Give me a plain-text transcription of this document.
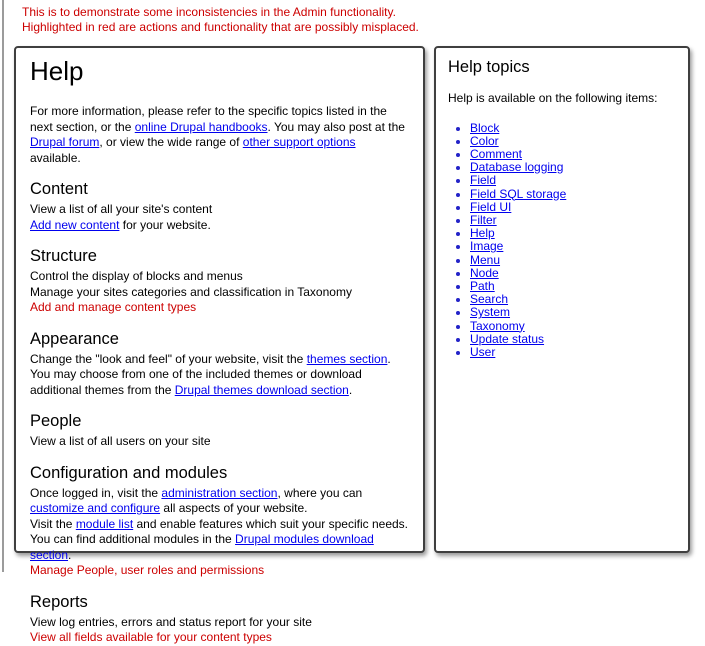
This is to demonstrate some inconsistencies in the Admin functionality.
Highlighted in red are actions and functionality that are possibly misplaced.
Help

For more information, please refer to the specific topics listed in the next section, or the online Drupal handbooks. You may also post at the Drupal forum, or view the wide range of other support options available.

Content
View a list of all your site's content
Add new content for your website.
Structure
Control the display of blocks and menus
Manage your sites categories and classification in Taxonomy
Add and manage content types
Appearance
Change the "look and feel" of your website, visit the themes section.
You may choose from one of the included themes or download additional themes from the Drupal themes download section.
People
View a list of all users on your site
Configuration and modules
Once logged in, visit the administration section, where you can customize and configure all aspects of your website.
Visit the module list and enable features which suit your specific needs. You can find additional modules in the Drupal modules download section.
Manage People, user roles and permissions
Reports
View log entries, errors and status report for your site
View all fields available for your content types
Help topics
Help is available on the following items:
Block
Color
Comment
Database logging
Field
Field SQL storage
Field UI
Filter
Help
Image
Menu
Node
Path
Search
System
Taxonomy
Update status
User
